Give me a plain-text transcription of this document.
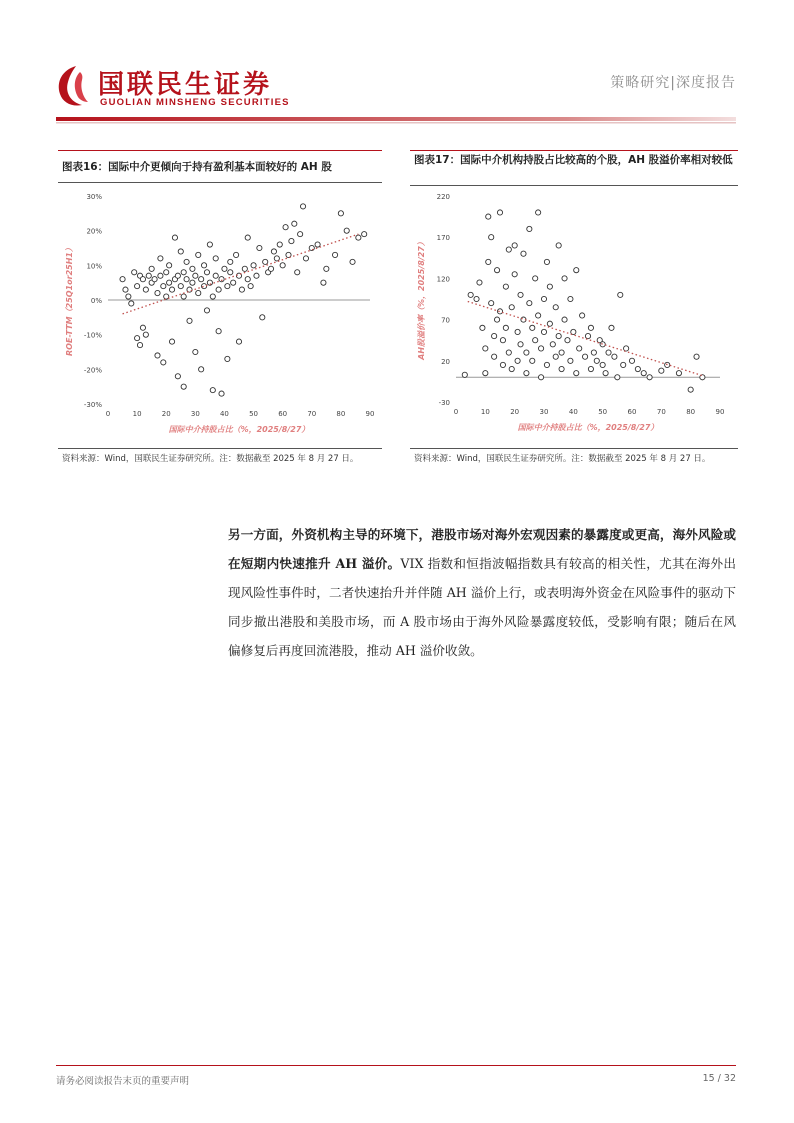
国联民生证券
GUOLIAN MINSHENG SECURITIES
策略研究|深度报告
图表16：国际中介更倾向于持有盈利基本面较好的 AH 股
30%
20%
10%
0%
-10%
-20%
-30%
0	10	20	30	40	50	60	70	80	90
国际中介持股占比（%，2025/8/27）
ROE-TTM（25Q1or25H1）
资料来源：Wind，国联民生证券研究所。注：数据截至 2025 年 8 月 27 日。
图表17：国际中介机构持股占比较高的个股，AH 股溢价率相对较低
220
170
120
70
20
-30
0	10	20	30	40	50	60	70	80	90
国际中介持股占比（%，2025/8/27）
AH股溢价率（%，2025/8/27）
资料来源：Wind，国联民生证券研究所。注：数据截至 2025 年 8 月 27 日。

另一方面，外资机构主导的环境下，港股市场对海外宏观因素的暴露度或更高，海外风险或在短期内快速推升 AH 溢价。VIX 指数和恒指波幅指数具有较高的相关性，尤其在海外出现风险性事件时，二者快速抬升并伴随 AH 溢价上行，或表明海外资金在风险事件的驱动下同步撤出港股和美股市场，而 A 股市场由于海外风险暴露度较低，受影响有限；随后在风偏修复后再度回流港股，推动 AH 溢价收敛。

请务必阅读报告末页的重要声明	15 / 32
